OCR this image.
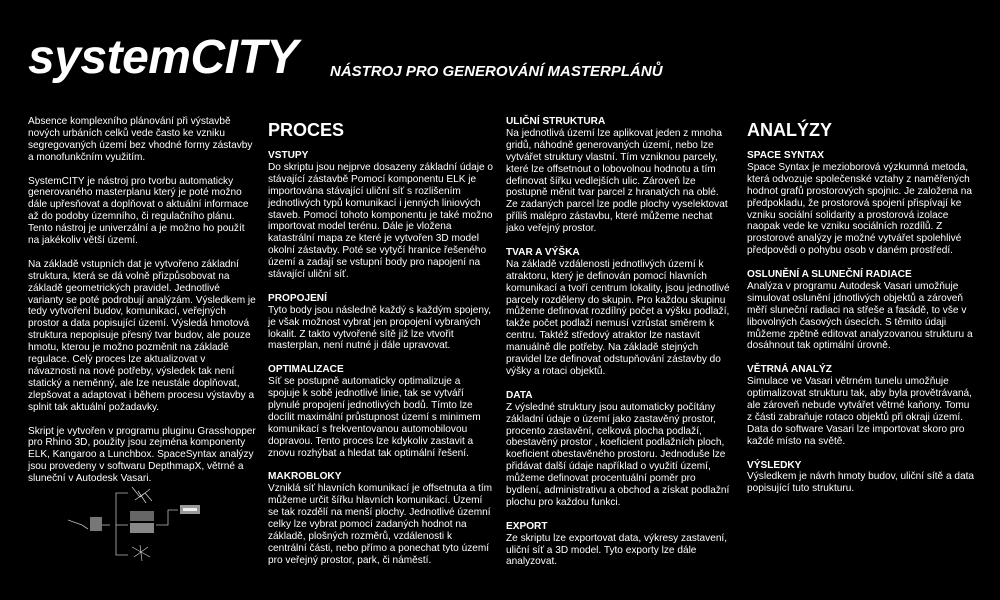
systemCITY NÁSTROJ PRO GENEROVÁNÍ MASTERPLÁNŮ

Absence komplexního plánování při výstavbě nových urbáních celků vede často ke vzniku segregovaných území bez vhodné formy zástavby a monofunkčním využitím.

SystemCITY je nástroj pro tvorbu automaticky generovaného masterplanu který je poté možno dále upřesňovat a doplňovat o aktuální informace až do podoby územního, či regulačního plánu. Tento nástroj je univerzální a je možno ho použít na jakékoliv větší území.

Na základě vstupních dat je vytvořeno základní struktura, která se dá volně přizpůsobovat na základě geometrických pravidel. Jednotlivé varianty se poté podrobují analýzám. Výsledkem je tedy vytvoření budov, komunikací, veřejných prostor a data popisující území. Výsledá hmotová struktura nepopisuje přesný tvar budov, ale pouze hmotu, kterou je možno pozměnit na základě regulace. Celý proces lze aktualizovat v návaznosti na nové potřeby, výsledek tak není statický a neměnný, ale lze neustále doplňovat, zlepšovat a adaptovat i během procesu výstavby a splnit tak aktuální požadavky.

Skript je vytvořen v programu pluginu Grasshopper pro Rhino 3D, použity jsou zejména komponenty ELK, Kangaroo a Lunchbox. SpaceSyntax analýzy jsou provedeny v softwaru DepthmapX, větrné a sluneční v Autodesk Vasari.

PROCES
VSTUPY

Do skriptu jsou nejprve dosazeny základní údaje o stávající zástavbě Pomocí komponentu ELK je importována stávající uliční síť s rozlišením jednotlivých typů komunikací i jenných liniových staveb. Pomocí tohoto komponentu je také možno importovat model terénu. Dále je vložena katastrální mapa ze které je vytvořen 3D model okolní zástavby. Poté se vytyčí hranice řešeného území a zadají se vstupní body pro napojení na stávající uliční síť.

PROPOJENÍ

Tyto body jsou následně každý s každým spojeny, je však možnost vybrat jen propojení vybraných lokalit. Z takto vytvořené sítě již lze vtvořit masterplan, není nutné ji dále upravovat.

OPTIMALIZACE

Síť se postupně automaticky optimalizuje a spojuje k sobě jednotlivé linie, tak se vytváří plynulé propojení jednotlivých bodů. Tímto lze docílit maximální průstupnost území s minimem komunikací s frekventovanou automobilovou dopravou. Tento proces lze kdykoliv zastavit a znovu rozhýbat a hledat tak optimální řešení.

MAKROBLOKY

Vzniklá síť hlavních komunikací je offsetnuta a tím můžeme určit šířku hlavních komunikací. Území se tak rozdělí na menší plochy. Jednotlivé územní celky lze vybrat pomocí zadaných hodnot na základě, plošných rozměrů, vzdálenosti k centrální části, nebo přímo a ponechat tyto území pro veřejný prostor, park, či náměstí.

ULIČNÍ STRUKTURA

Na jednotlivá území lze aplikovat jeden z mnoha gridů, náhodně generovaných území, nebo lze vytvářet struktury vlastní. Tím vzniknou parcely, které lze offsetnout o lobovolnou hodnotu a tím definovat šířku vedlejších ulic. Zároveň lze postupně měnit tvar parcel z hranatých na oblé. Ze zadaných parcel lze podle plochy vyselektovat příliš malépro zástavbu, které můžeme nechat jako veřejný prostor.

TVAR A VÝŠKA

Na základě vzdálenosti jednotlivých území k atraktoru, který je definován pomocí hlavních komunikací a tvoří centrum lokality, jsou jednotlivé parcely rozděleny do skupin. Pro každou skupinu můžeme definovat rozdílný počet a výšku podlaží, takže počet podlaží nemusí vzrůstat směrem k centru. Taktéž středový atraktor lze nastavit manuálně dle potřeby. Na základě stejných pravidel lze definovat odstupňování zástavby do výšky a rotaci objektů.

DATA

Z výsledné struktury jsou automaticky počítány základní údaje o území jako zastavěný prostor, procento zastavění, celková plocha podlaží, obestavěný prostor , koeficient podlažních ploch, koeficient obestavěného prostoru. Jednoduše lze přidávat další údaje například o využití území, můžeme definovat procentuální poměr pro bydlení, administrativu a obchod a získat podlažní plochu pro každou funkci.

EXPORT

Ze skriptu lze exportovat data, výkresy zastavení, uliční síť a 3D model. Tyto exporty lze dále analyzovat.

ANALÝZY
SPACE SYNTAX

Space Syntax je mezioborová výzkumná metoda, která odvozuje společenské vztahy z naměřených hodnot grafů prostorových spojnic. Je založena na předpokladu, že prostorová spojení přispívají ke vzniku sociální solidarity a prostorová izolace naopak vede ke vzniku sociálních rozdílů. Z prostorové analýzy je možné vytvářet spolehlivé předpovědi o pohybu osob v daném prostředí.

OSLUNĚNÍ A SLUNEČNÍ RADIACE

Analýza v programu Autodesk Vasari umožňuje simulovat oslunění jdnotlivých objektů a zároveň měří sluneční radiaci na střeše a fasádě, to vše v libovolných časových úsecích. S těmito údaji můžeme zpětně editovat analyzovanou strukturu a dosáhnout tak optimální úrovně.

VĚTRNÁ ANALÝZ

Simulace ve Vasari větrném tunelu umožňuje optimalizovat strukturu tak, aby byla provětrávaná, ale zároveň nebude vytvářet větrné kaňony. Tomu z části zabraňuje rotaco objektů při okraji území. Data do software Vasari lze importovat skoro pro každé místo na světě.

VÝSLEDKY

Výsledkem je návrh hmoty budov, uliční sítě a data popisující tuto strukturu.
